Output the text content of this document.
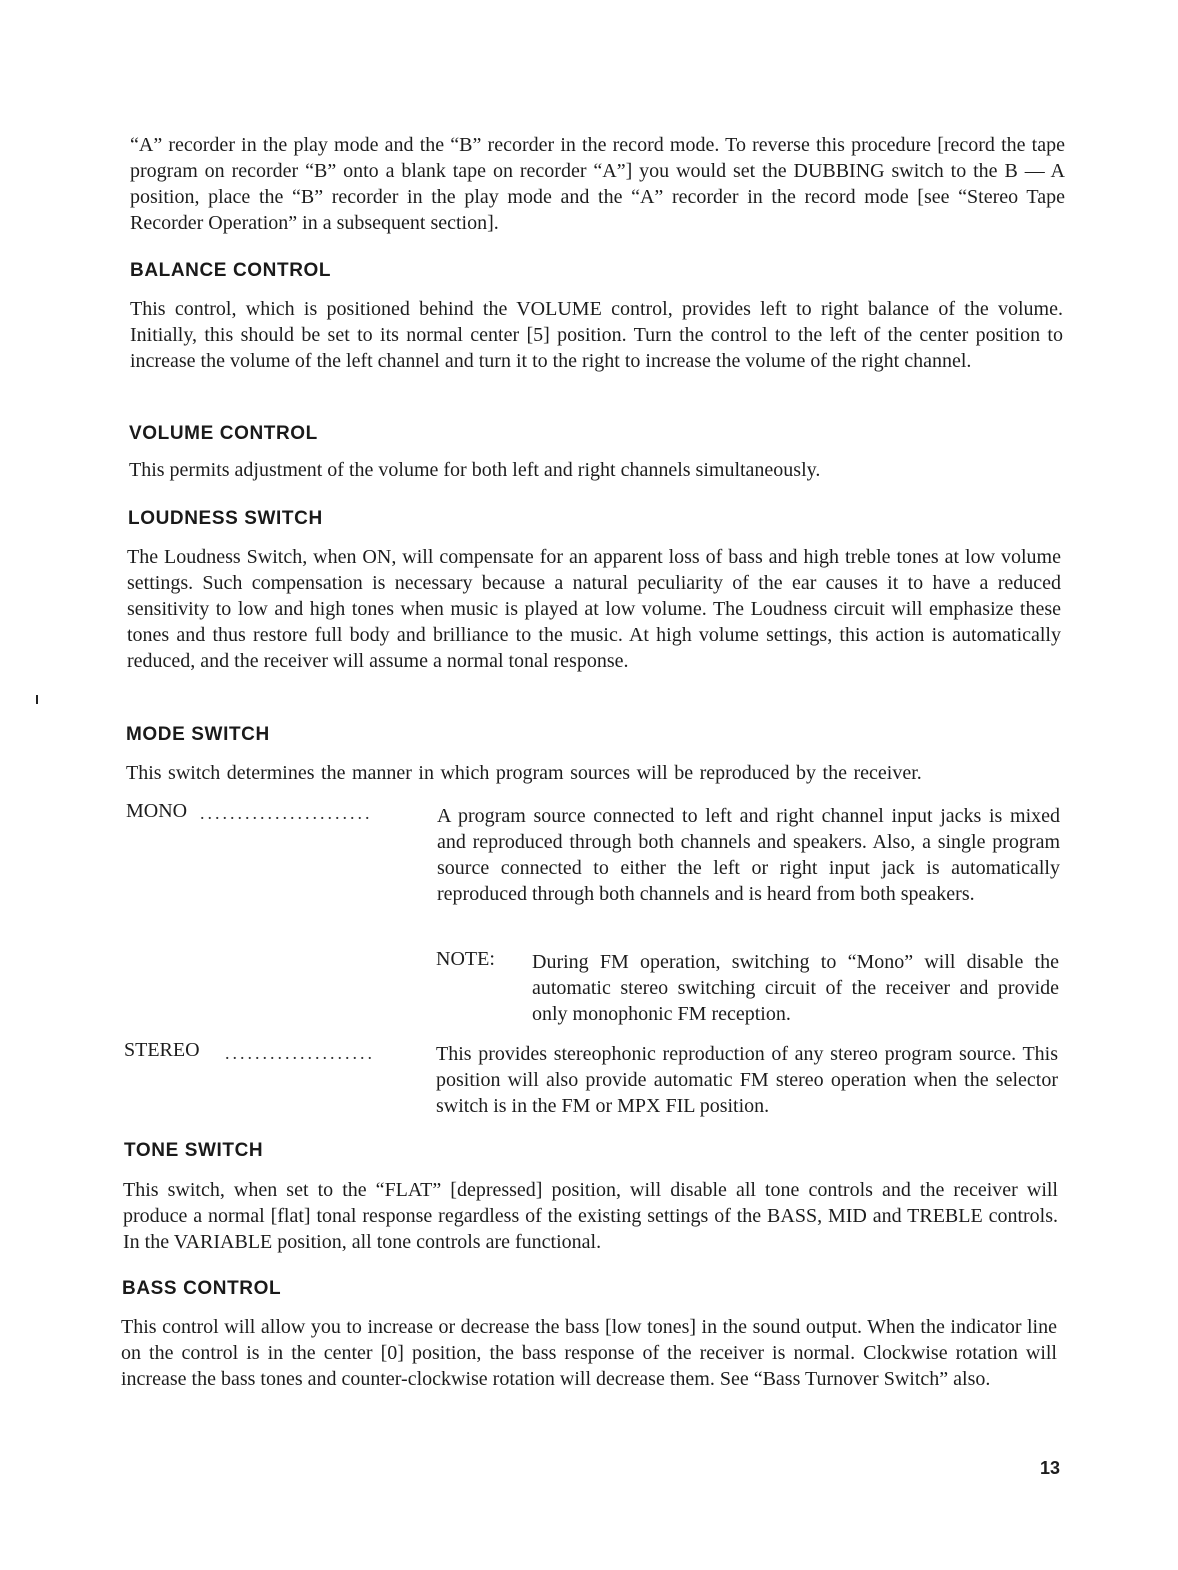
“A” recorder in the play mode and the “B” recorder in the record mode. To reverse this procedure [record the tape program on recorder “B” onto a blank tape on recorder “A”] you would set the DUBBING switch to the B — A position, place the “B” recorder in the play mode and the “A” recorder in the record mode [see “Stereo Tape Recorder Operation” in a subsequent section].
BALANCE CONTROL
This control, which is positioned behind the VOLUME control, provides left to right balance of the volume. Initially, this should be set to its normal center [5] position. Turn the control to the left of the center position to increase the volume of the left channel and turn it to the right to increase the volume of the right channel.
VOLUME CONTROL
This permits adjustment of the volume for both left and right channels simultaneously.
LOUDNESS SWITCH
The Loudness Switch, when ON, will compensate for an apparent loss of bass and high treble tones at low volume settings. Such compensation is necessary because a natural peculiarity of the ear causes it to have a reduced sensitivity to low and high tones when music is played at low volume. The Loudness circuit will emphasize these tones and thus restore full body and brilliance to the music. At high volume settings, this action is automatically reduced, and the receiver will assume a normal tonal response.
MODE SWITCH
This switch determines the manner in which program sources will be reproduced by the receiver.
MONO .......................	A program source connected to left and right channel input jacks is mixed and reproduced through both channels and speakers. Also, a single program source connected to either the left or right input jack is automatically reproduced through both channels and is heard from both speakers.
NOTE: During FM operation, switching to “Mono” will disable the automatic stereo switching circuit of the receiver and provide only monophonic FM reception.
STEREO ....................	This provides stereophonic reproduction of any stereo program source. This position will also provide automatic FM stereo operation when the selector switch is in the FM or MPX FIL position.
TONE SWITCH
This switch, when set to the “FLAT” [depressed] position, will disable all tone controls and the receiver will produce a normal [flat] tonal response regardless of the existing settings of the BASS, MID and TREBLE controls. In the VARIABLE position, all tone controls are functional.
BASS CONTROL
This control will allow you to increase or decrease the bass [low tones] in the sound output. When the indicator line on the control is in the center [0] position, the bass response of the receiver is normal. Clockwise rotation will increase the bass tones and counter-clockwise rotation will decrease them. See “Bass Turnover Switch” also.
13
